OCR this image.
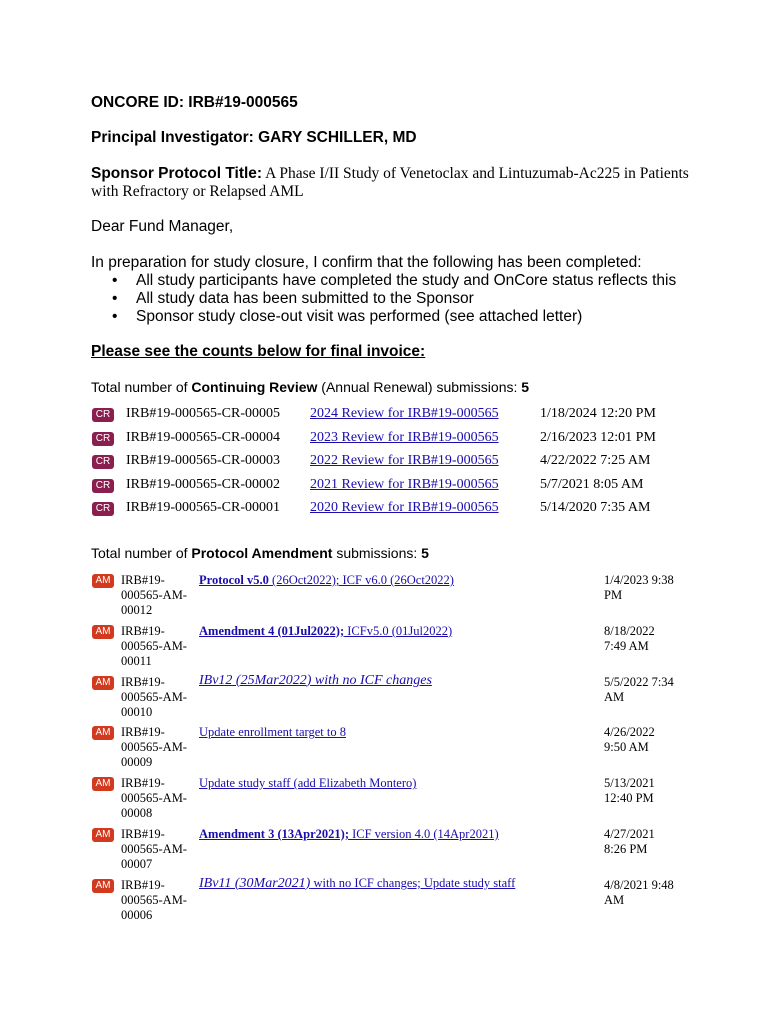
ONCORE ID: IRB#19-000565
Principal Investigator: GARY SCHILLER, MD
Sponsor Protocol Title: A Phase I/II Study of Venetoclax and Lintuzumab-Ac225 in Patients
with Refractory or Relapsed AML
Dear Fund Manager,
In preparation for study closure, I confirm that the following has been completed:
• All study participants have completed the study and OnCore status reflects this
• All study data has been submitted to the Sponsor
• Sponsor study close-out visit was performed (see attached letter)
Please see the counts below for final invoice:
Total number of Continuing Review (Annual Renewal) submissions: 5
CR IRB#19-000565-CR-00005 2024 Review for IRB#19-000565	1/18/2024 12:20 PM
CR IRB#19-000565-CR-00004 2023 Review for IRB#19-000565	2/16/2023 12:01 PM
CR IRB#19-000565-CR-00003 2022 Review for IRB#19-000565	4/22/2022 7:25 AM
CR IRB#19-000565-CR-00002 2021 Review for IRB#19-000565	5/7/2021 8:05 AM
CR IRB#19-000565-CR-00001 2020 Review for IRB#19-000565	5/14/2020 7:35 AM
Total number of Protocol Amendment submissions: 5
AM IRB#19-
000565-AM-
00012
Protocol v5.0 (26Oct2022); ICF v6.0 (26Oct2022)	1/4/2023 9:38
PM
AM IRB#19-
000565-AM-
00011
Amendment 4 (01Jul2022); ICFv5.0 (01Jul2022)	8/18/2022
7:49 AM
AM IRB#19-
000565-AM-
00010
IBv12 (25Mar2022) with no ICF changes	5/5/2022 7:34
AM
AM IRB#19-
000565-AM-
00009
Update enrollment target to 8	4/26/2022
9:50 AM
AM IRB#19-
000565-AM-
00008
Update study staff (add Elizabeth Montero)	5/13/2021
12:40 PM
AM IRB#19-
000565-AM-
00007
Amendment 3 (13Apr2021); ICF version 4.0 (14Apr2021)	4/27/2021
8:26 PM
AM IRB#19-
000565-AM-
00006
IBv11 (30Mar2021) with no ICF changes; Update study staff	4/8/2021 9:48
AM
